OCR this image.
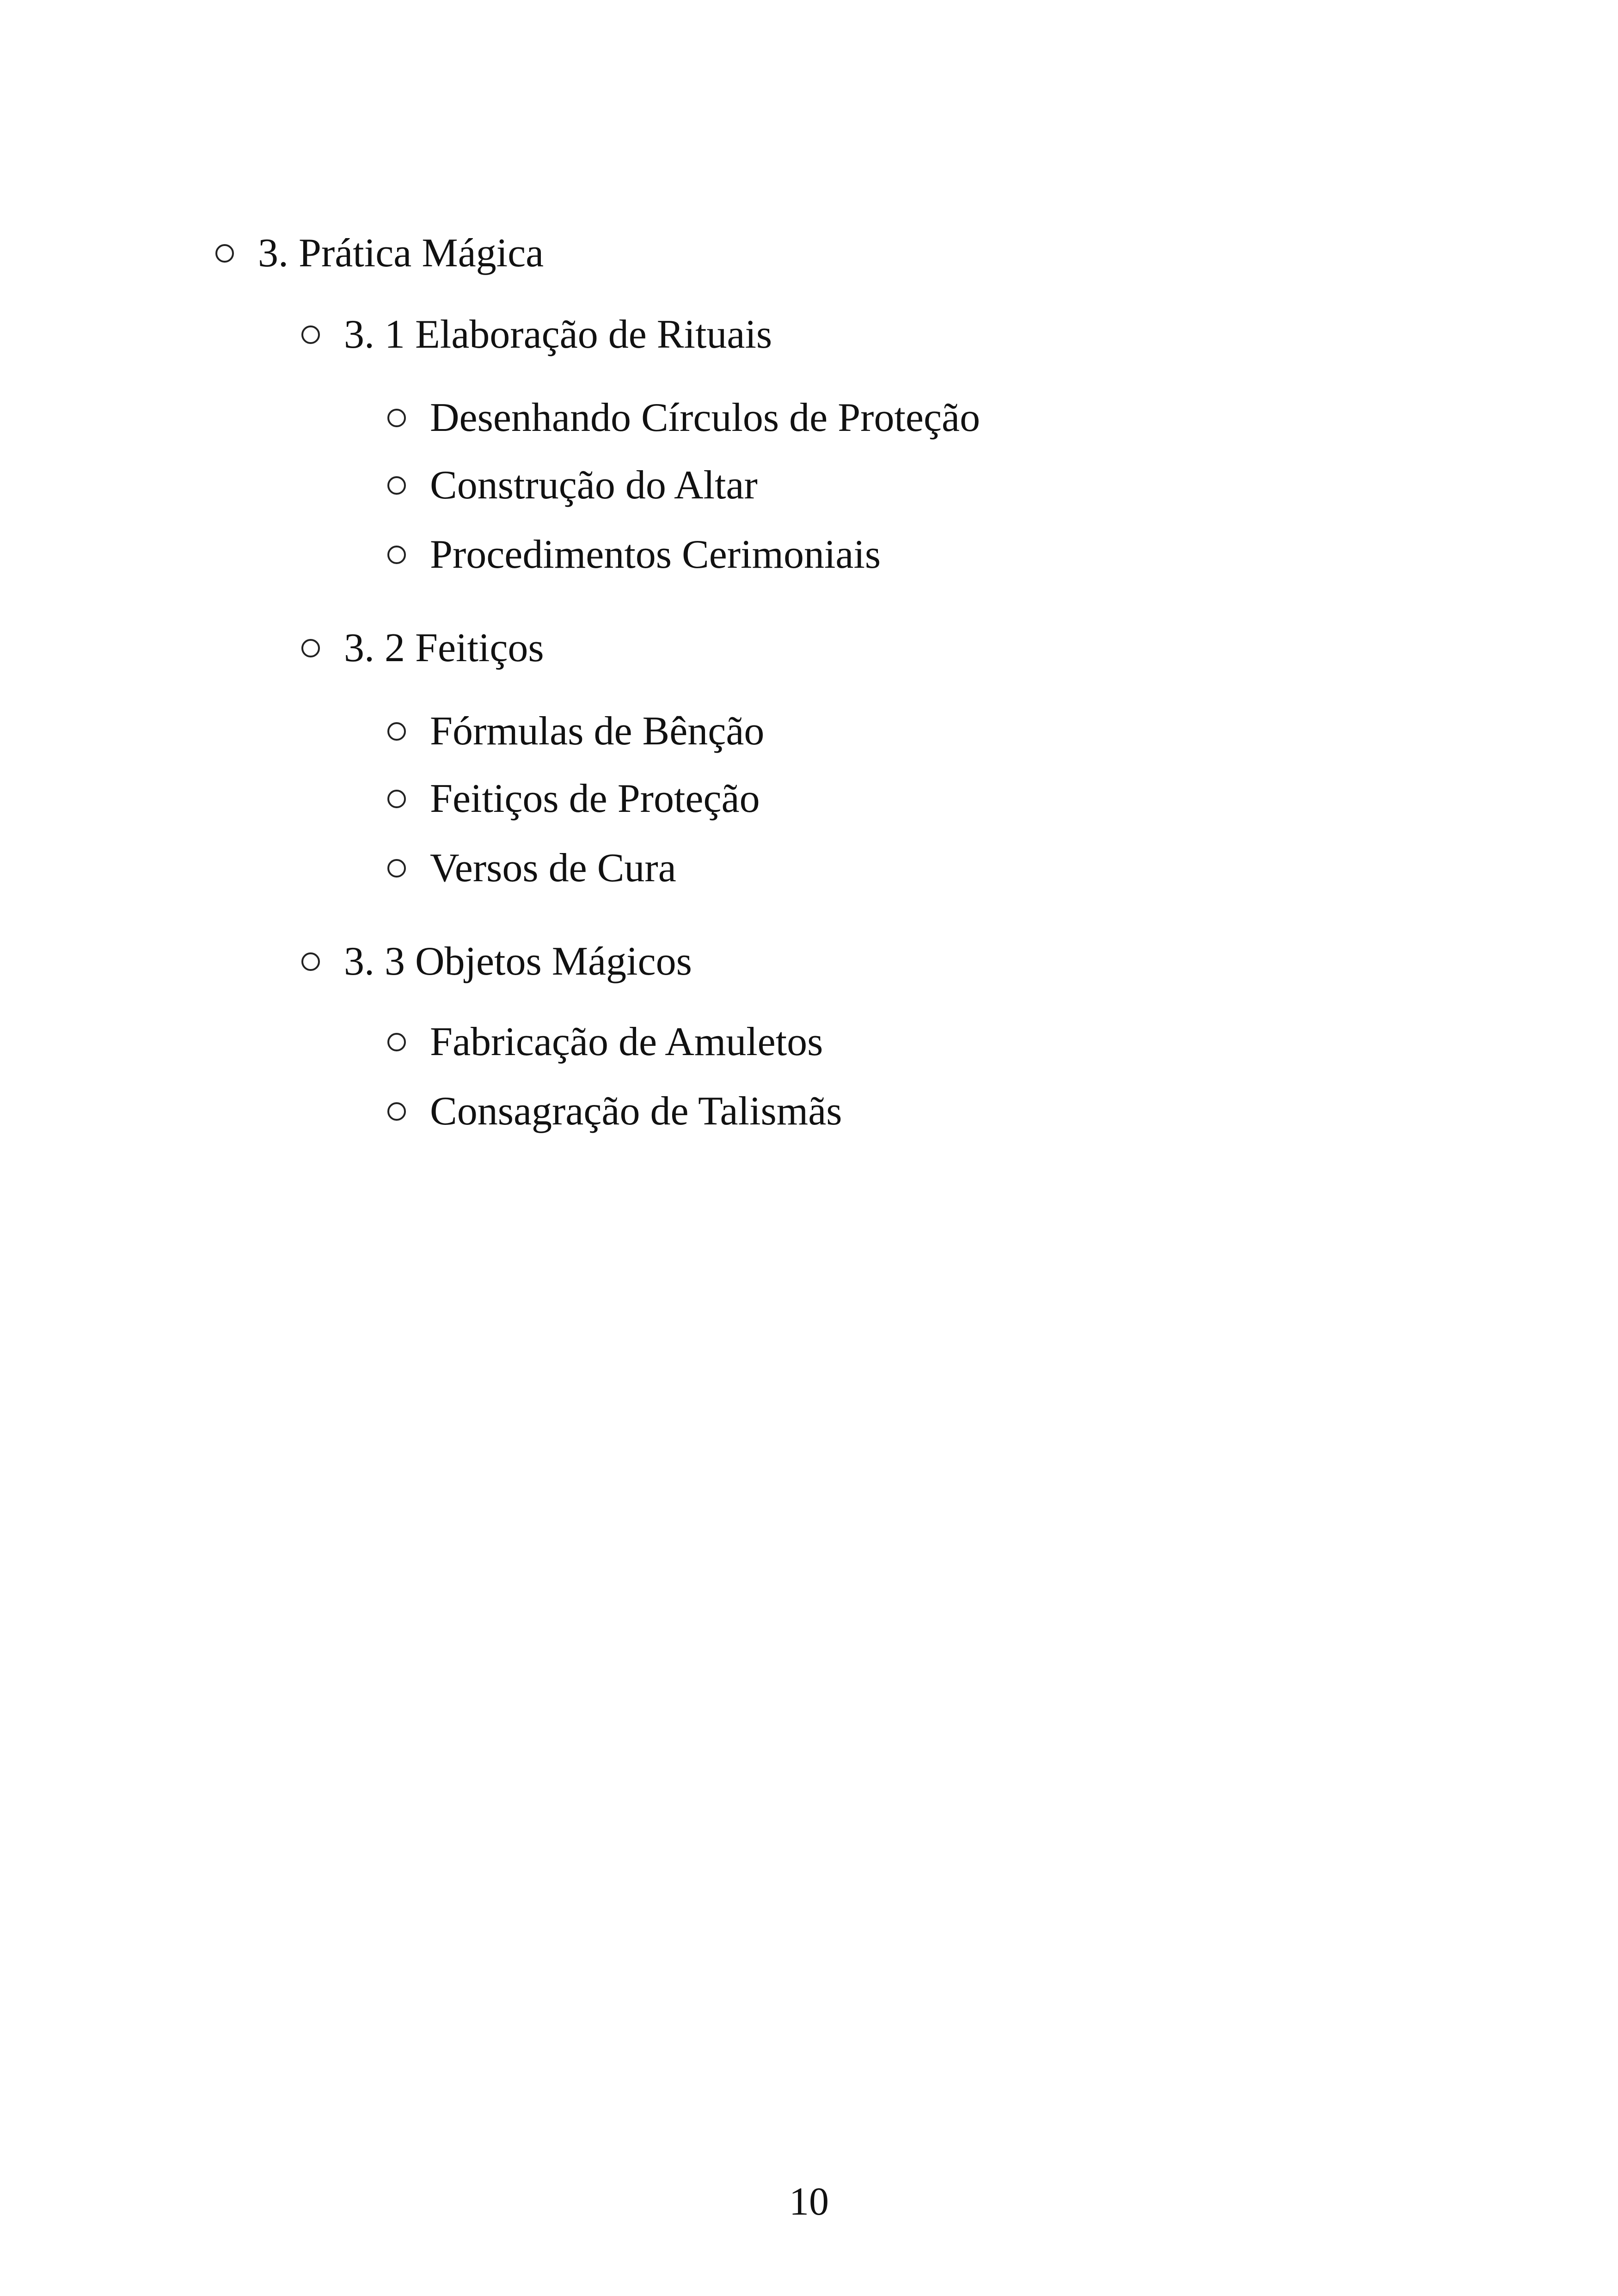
3. Prática Mágica
3. 1 Elaboração de Rituais
Desenhando Círculos de Proteção
Construção do Altar
Procedimentos Cerimoniais
3. 2 Feitiços
Fórmulas de Bênção
Feitiços de Proteção
Versos de Cura
3. 3 Objetos Mágicos
Fabricação de Amuletos
Consagração de Talismãs
10
